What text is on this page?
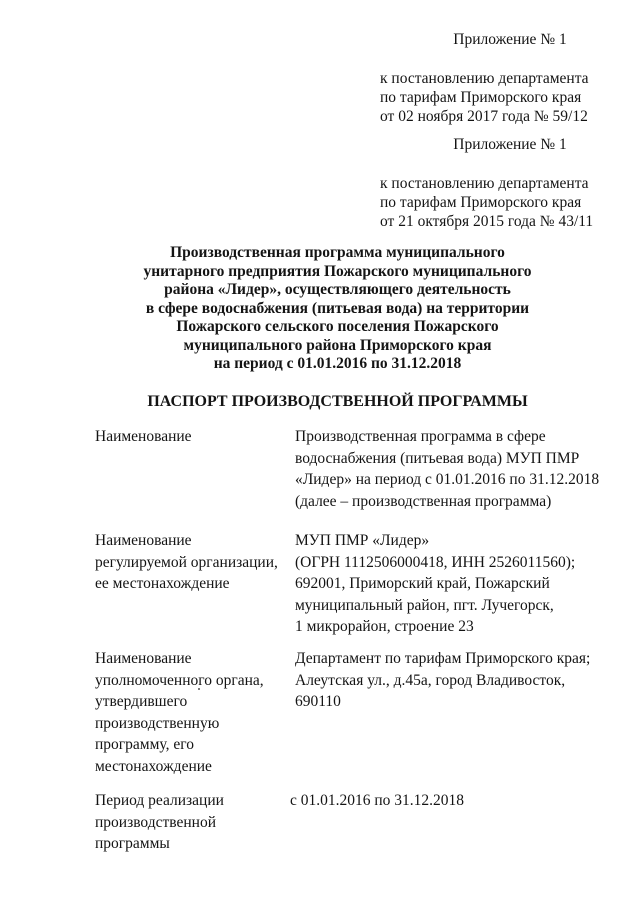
Приложение № 1
к постановлению департамента
по тарифам Приморского края
от 02 ноября 2017 года № 59/12
Приложение № 1
к постановлению департамента
по тарифам Приморского края
от 21 октября 2015 года № 43/11
Производственная программа муниципального
унитарного предприятия Пожарского муниципального
района «Лидер», осуществляющего деятельность
в сфере водоснабжения (питьевая вода) на территории
Пожарского сельского поселения Пожарского
муниципального района Приморского края
на период с 01.01.2016 по 31.12.2018
ПАСПОРТ ПРОИЗВОДСТВЕННОЙ ПРОГРАММЫ
Наименование	Производственная программа в сфере
водоснабжения (питьевая вода) МУП ПМР
«Лидер» на период с 01.01.2016 по 31.12.2018
(далее – производственная программа)
Наименование
регулируемой организации,
ее местонахождение
МУП ПМР «Лидер»
(ОГРН 1112506000418, ИНН 2526011560);
692001, Приморский край, Пожарский
муниципальный район, пгт. Лучегорск,
1 микрорайон, строение 23
Наименование
уполномоченного органа,
утвердившего
производственную
программу, его
местонахождение
Департамент по тарифам Приморского края;
Алеутская ул., д.45а, город Владивосток,
690110
Период реализации
производственной
программы
с 01.01.2016 по 31.12.2018
